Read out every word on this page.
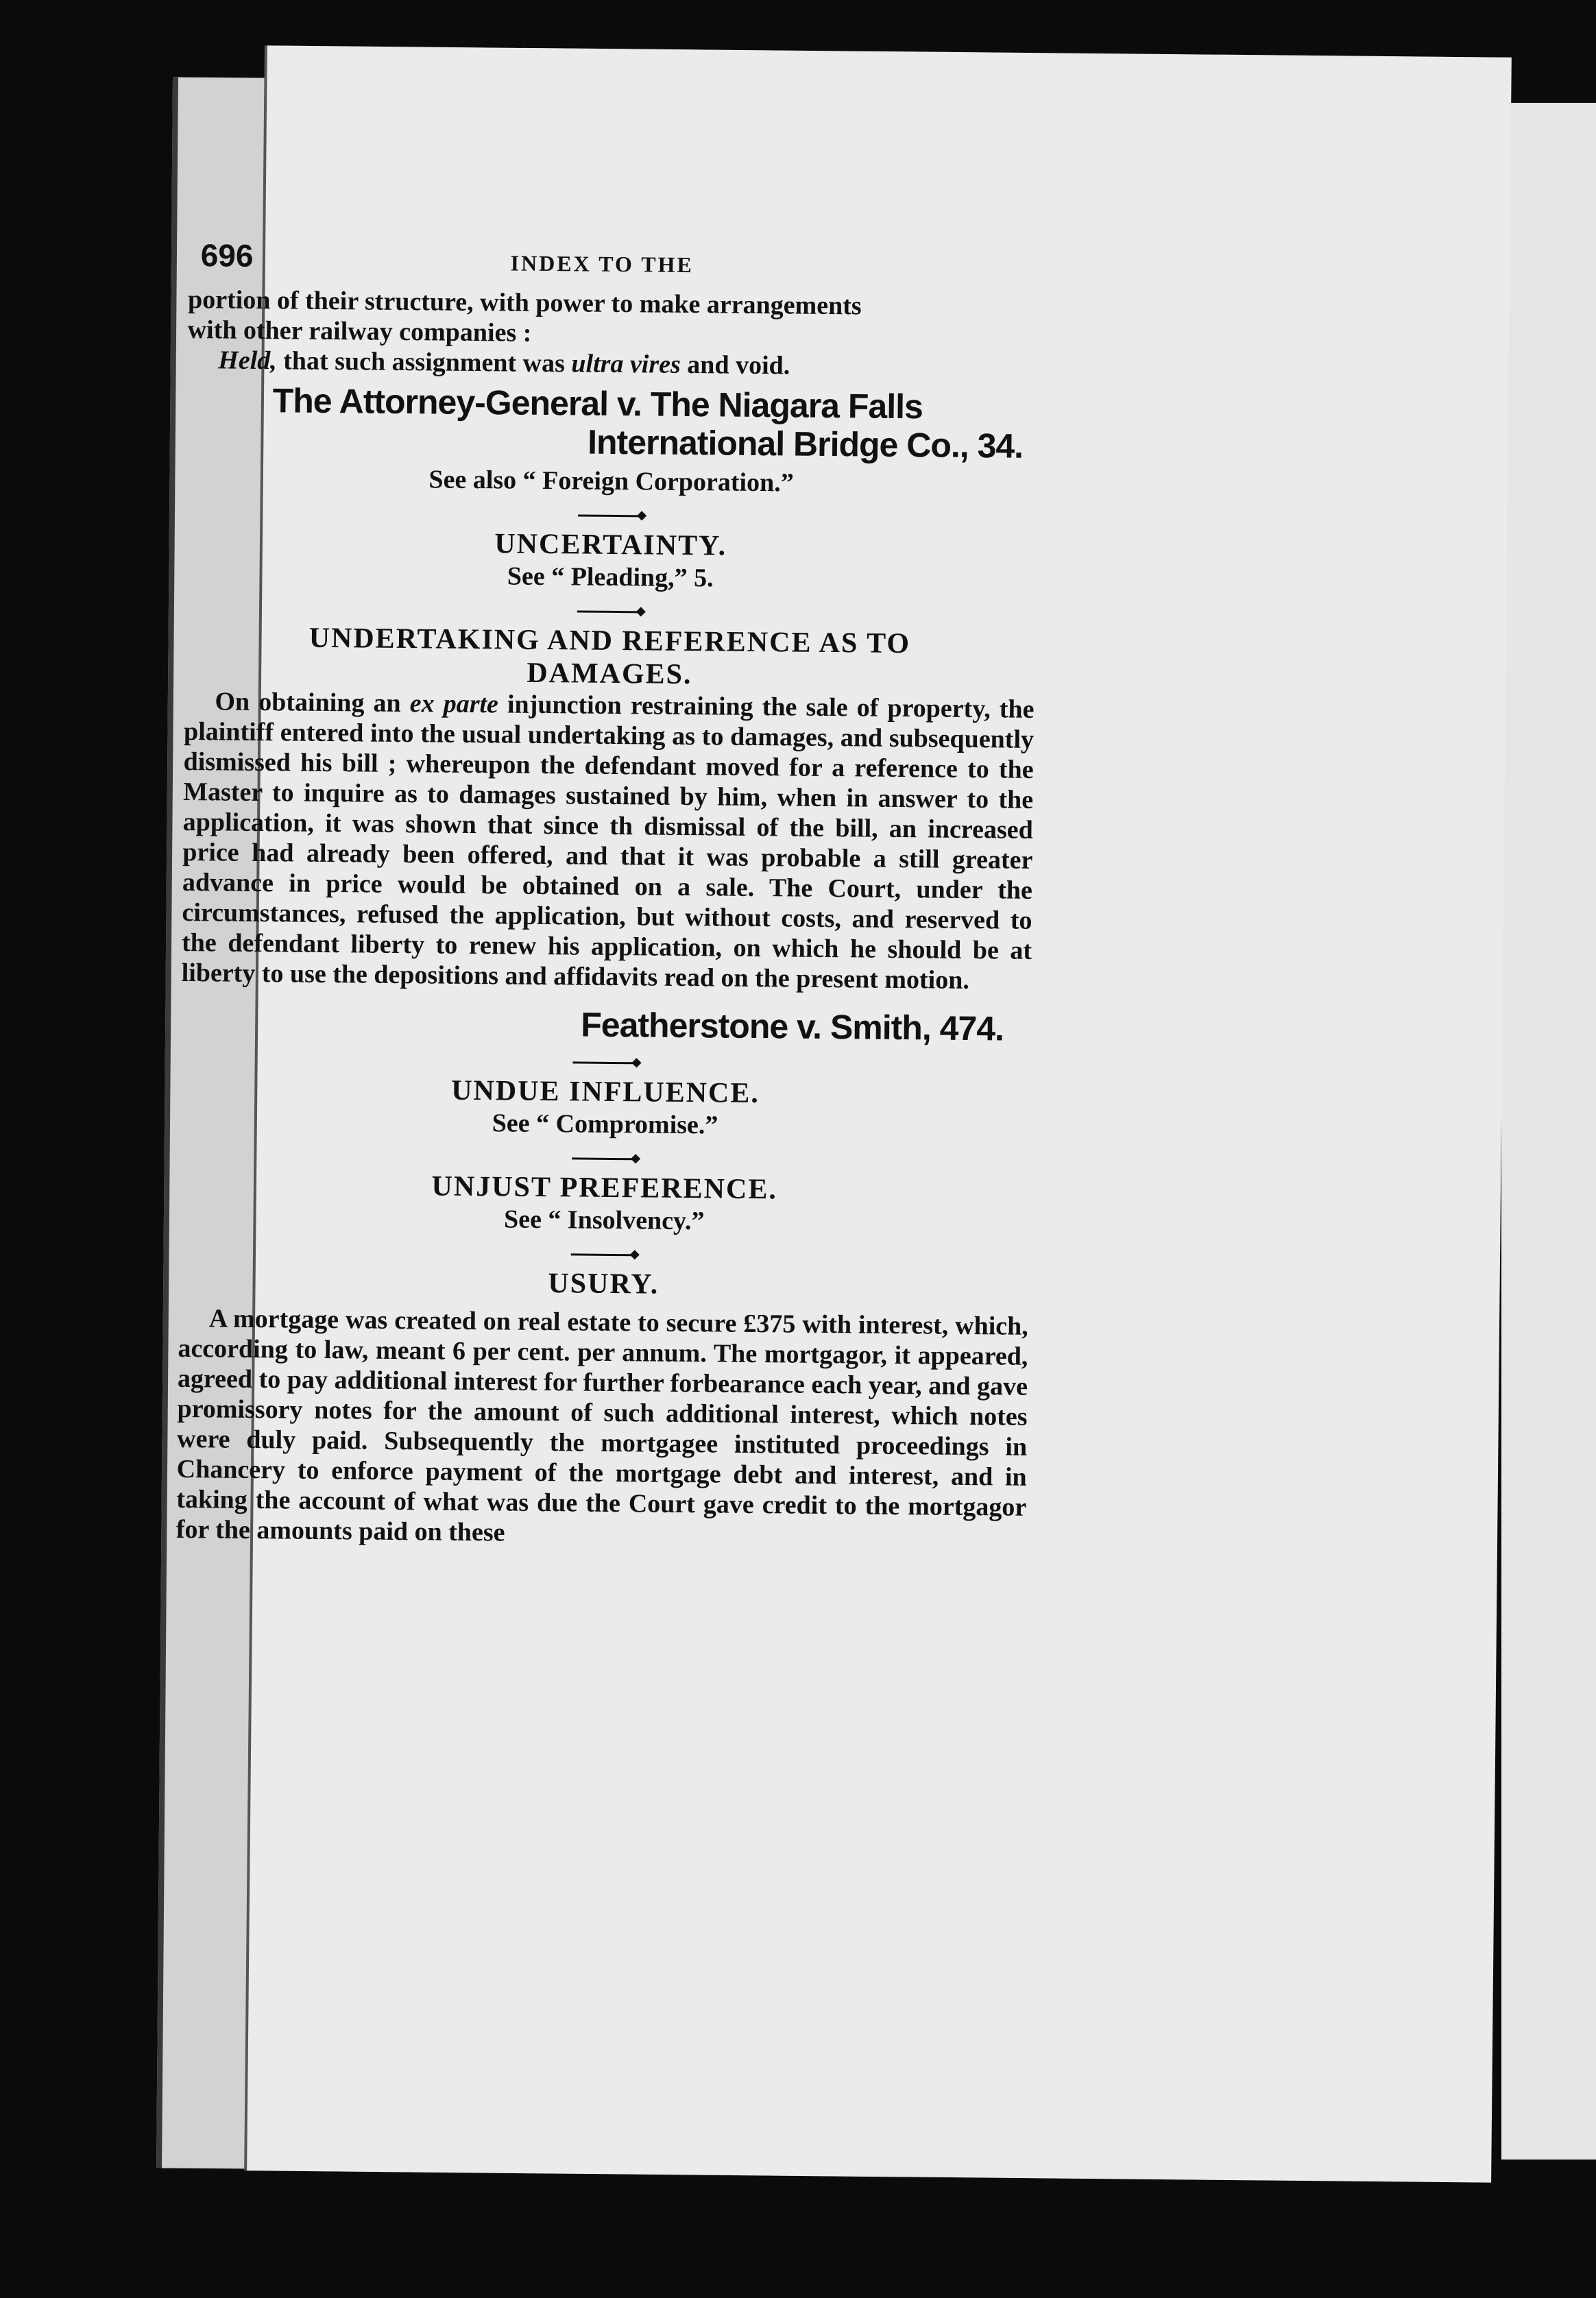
696	INDEX TO THE

portion of their structure, with power to make arrangements

with other railway companies :

Held, that such assignment was ultra vires and void.

The Attorney-General v. The Niagara Falls
International Bridge Co., 34.
See also “ Foreign Corporation.”
UNCERTAINTY.
See “ Pleading,” 5.
UNDERTAKING AND REFERENCE AS TO
DAMAGES.

On obtaining an ex parte injunction restraining the sale of property, the plaintiff entered into the usual undertaking as to damages, and subsequently dismissed his bill ; whereupon the defendant moved for a reference to the Master to inquire as to damages sustained by him, when in answer to the application, it was shown that since th dismissal of the bill, an increased price had already been offered, and that it was probable a still greater advance in price would be obtained on a sale. The Court, under the circumstances, refused the application, but without costs, and reserved to the defendant liberty to renew his application, on which he should be at liberty to use the depositions and affidavits read on the present motion.

Featherstone v. Smith, 474.
UNDUE INFLUENCE.
See “ Compromise.”
UNJUST PREFERENCE.
See “ Insolvency.”
USURY.

A mortgage was created on real estate to secure £375 with interest, which, according to law, meant 6 per cent. per annum. The mortgagor, it appeared, agreed to pay additional interest for further forbearance each year, and gave promissory notes for the amount of such additional interest, which notes were duly paid. Subsequently the mortgagee instituted proceedings in Chancery to enforce payment of the mortgage debt and interest, and in taking the account of what was due the Court gave credit to the mortgagor for the amounts paid on these
